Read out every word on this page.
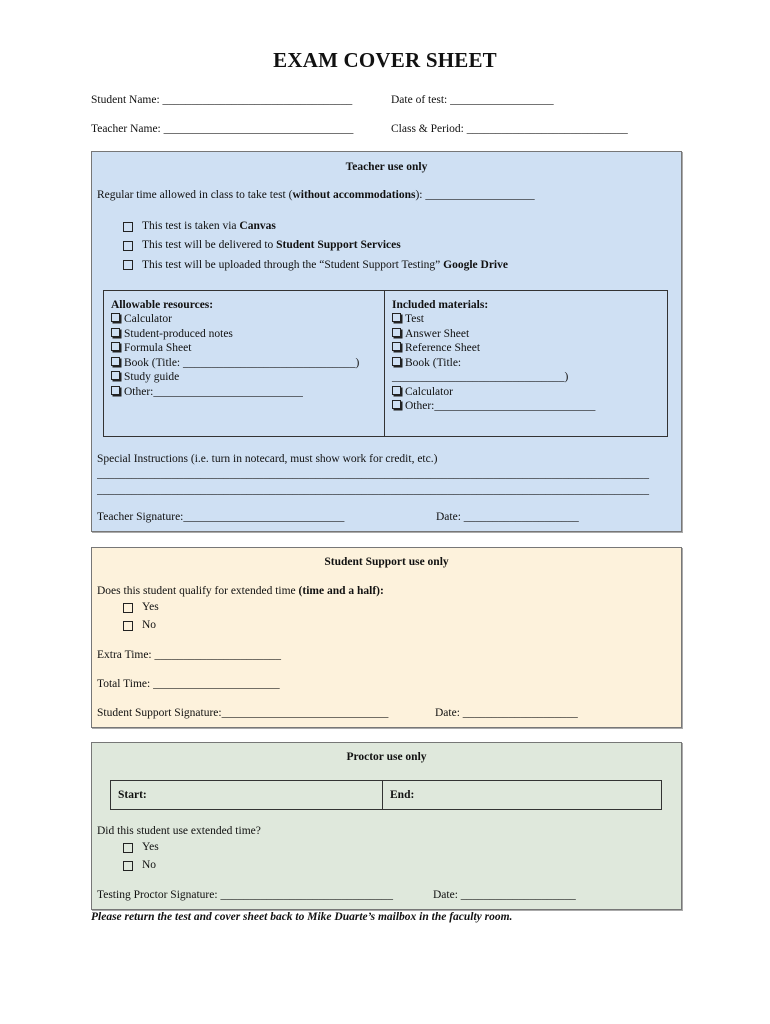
EXAM COVER SHEET
Student Name: _________________________________	Date of test: __________________
Teacher Name: _________________________________	Class & Period: ____________________________
Teacher use only
Regular time allowed in class to take test (without accommodations): ___________________
This test is taken via Canvas
This test will be delivered to Student Support Services
This test will be uploaded through the “Student Support Testing” Google Drive
Allowable resources:
Calculator
Student-produced notes
Formula Sheet
Book (Title: ______________________________)
Study guide
Other:__________________________
Included materials:
Test
Answer Sheet
Reference Sheet
Book (Title:
______________________________)
Calculator
Other:____________________________
Special Instructions (i.e. turn in notecard, must show work for credit, etc.)
________________________________________________________________________________________________
________________________________________________________________________________________________
Teacher Signature:____________________________	Date: ____________________
Student Support use only
Does this student qualify for extended time (time and a half):
Yes
No
Extra Time: ______________________
Total Time: ______________________
Student Support Signature:_____________________________	Date: ____________________
Proctor use only
Start:	End:
Did this student use extended time?
Yes
No
Testing Proctor Signature: ______________________________	Date: ____________________
Please return the test and cover sheet back to Mike Duarte’s mailbox in the faculty room.
